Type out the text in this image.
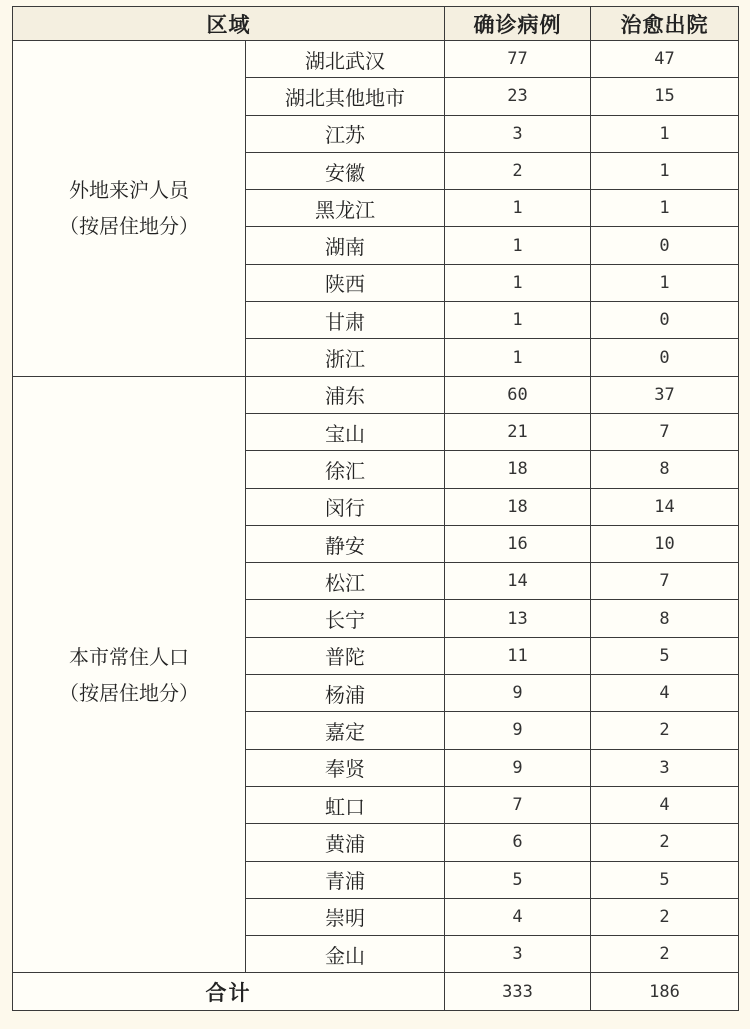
区域		确诊病例	治愈出院

外地来沪人员
（按居住地分）	湖北武汉	77	47
	湖北其他地市	23	15
	江苏	3	1
	安徽	2	1
	黑龙江	1	1
	湖南	1	0
	陕西	1	1
	甘肃	1	0
	浙江	1	0

本市常住人口
（按居住地分）	浦东	60	37
	宝山	21	7
	徐汇	18	8
	闵行	18	14
	静安	16	10
	松江	14	7
	长宁	13	8
	普陀	11	5
	杨浦	9	4
	嘉定	9	2
	奉贤	9	3
	虹口	7	4
	黄浦	6	2
	青浦	5	5
	崇明	4	2
	金山	3	2
合计		333	186
